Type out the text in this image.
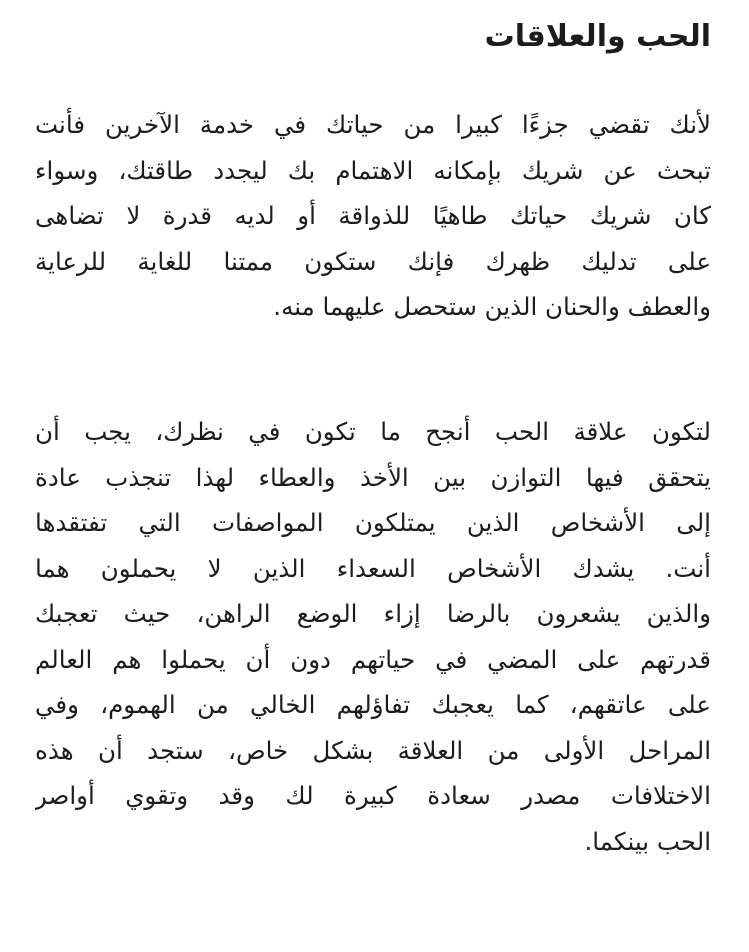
الحب والعلاقات

لأنك تقضي جزءًا كبيرا من حياتك في خدمة الآخرين فأنت
تبحث عن شريك بإمكانه الاهتمام بك ليجدد طاقتك، وسواء
كان شريك حياتك طاهيًا للذواقة أو لديه قدرة لا تضاهى
على تدليك ظهرك فإنك ستكون ممتنا للغاية للرعاية
والعطف والحنان الذين ستحصل عليهما منه.

لتكون علاقة الحب أنجح ما تكون في نظرك، يجب أن
يتحقق فيها التوازن بين الأخذ والعطاء لهذا تنجذب عادة
إلى الأشخاص الذين يمتلكون المواصفات التي تفتقدها
أنت. يشدك الأشخاص السعداء الذين لا يحملون هما
والذين يشعرون بالرضا إزاء الوضع الراهن، حيث تعجبك
قدرتهم على المضي في حياتهم دون أن يحملوا هم العالم
على عاتقهم، كما يعجبك تفاؤلهم الخالي من الهموم، وفي
المراحل الأولى من العلاقة بشكل خاص، ستجد أن هذه
الاختلافات مصدر سعادة كبيرة لك وقد وتقوي أواصر
الحب بينكما.
